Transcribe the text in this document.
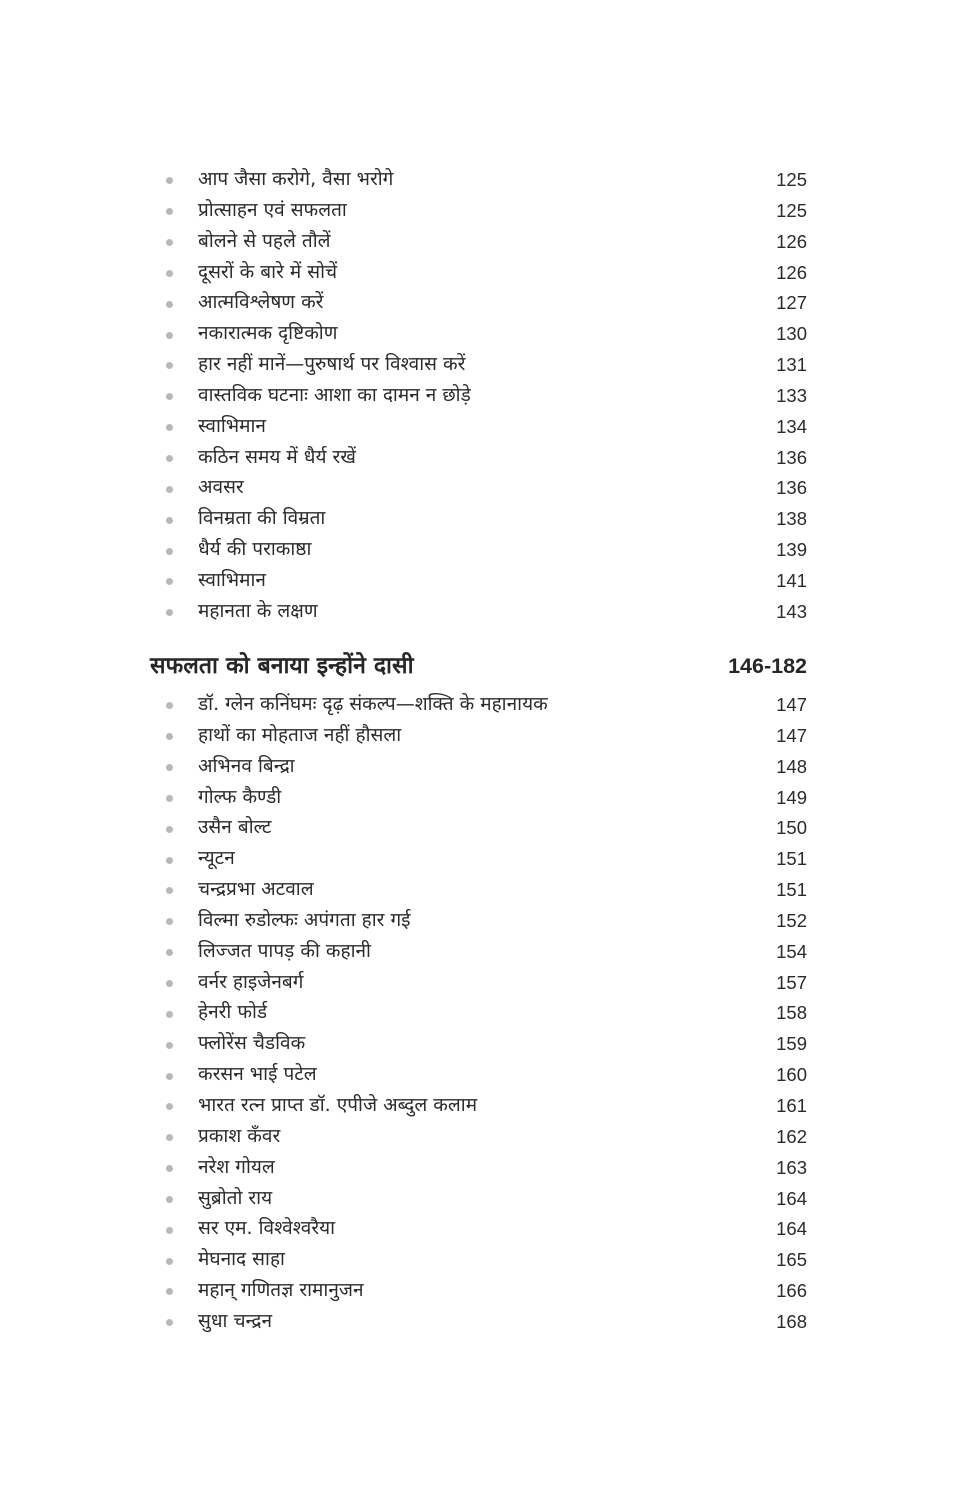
आप जैसा करोगे, वैसा भरोगे	125
प्रोत्साहन एवं सफलता	125
बोलने से पहले तौलें	126
दूसरों के बारे में सोचें	126
आत्मविश्लेषण करें	127
नकारात्मक दृष्टिकोण	130
हार नहीं मानें—पुरुषार्थ पर विश्वास करें	131
वास्तविक घटनाः आशा का दामन न छोड़े	133
स्वाभिमान	134
कठिन समय में धैर्य रखें	136
अवसर	136
विनम्रता की विम्रता	138
धैर्य की पराकाष्ठा	139
स्वाभिमान	141
महानता के लक्षण	143
सफलता को बनाया इन्होंने दासी	146-182
डॉ. ग्लेन कनिंघमः दृढ़ संकल्प—शक्ति के महानायक	147
हाथों का मोहताज नहीं हौसला	147
अभिनव बिन्द्रा	148
गोल्फ कैण्डी	149
उसैन बोल्ट	150
न्यूटन	151
चन्द्रप्रभा अटवाल	151
विल्मा रुडोल्फः अपंगता हार गई	152
लिज्जत पापड़ की कहानी	154
वर्नर हाइजेनबर्ग	157
हेनरी फोर्ड	158
फ्लोरेंस चैडविक	159
करसन भाई पटेल	160
भारत रत्न प्राप्त डॉ. एपीजे अब्दुल कलाम	161
प्रकाश कँवर	162
नरेश गोयल	163
सुब्रोतो राय	164
सर एम. विश्वेश्वरैया	164
मेघनाद साहा	165
महान् गणितज्ञ रामानुजन	166
सुधा चन्द्रन	168
